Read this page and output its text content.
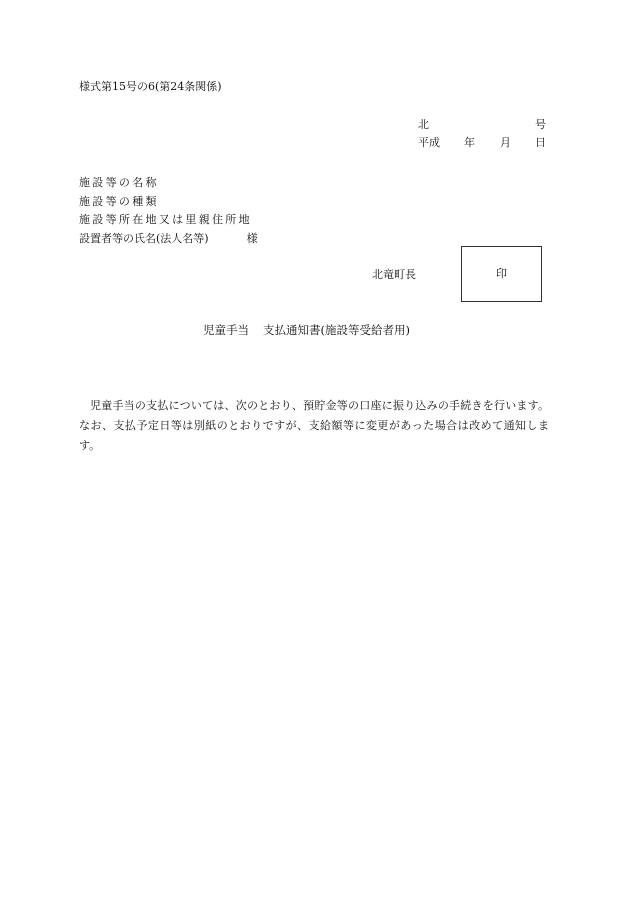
様式第15号の6(第24条関係)
北	号
平成 年 月 日
施設等の名称
施設等の種類
施設等所在地又は里親住所地
設置者等の氏名(法人名等)	様
北竜町長	印
児童手当 支払通知書(施設等受給者用)
児童手当の支払については、次のとおり、預貯金等の口座に振り込みの手続きを行います。なお、支払予定日等は別紙のとおりですが、支給額等に変更があった場合は改めて通知します。
